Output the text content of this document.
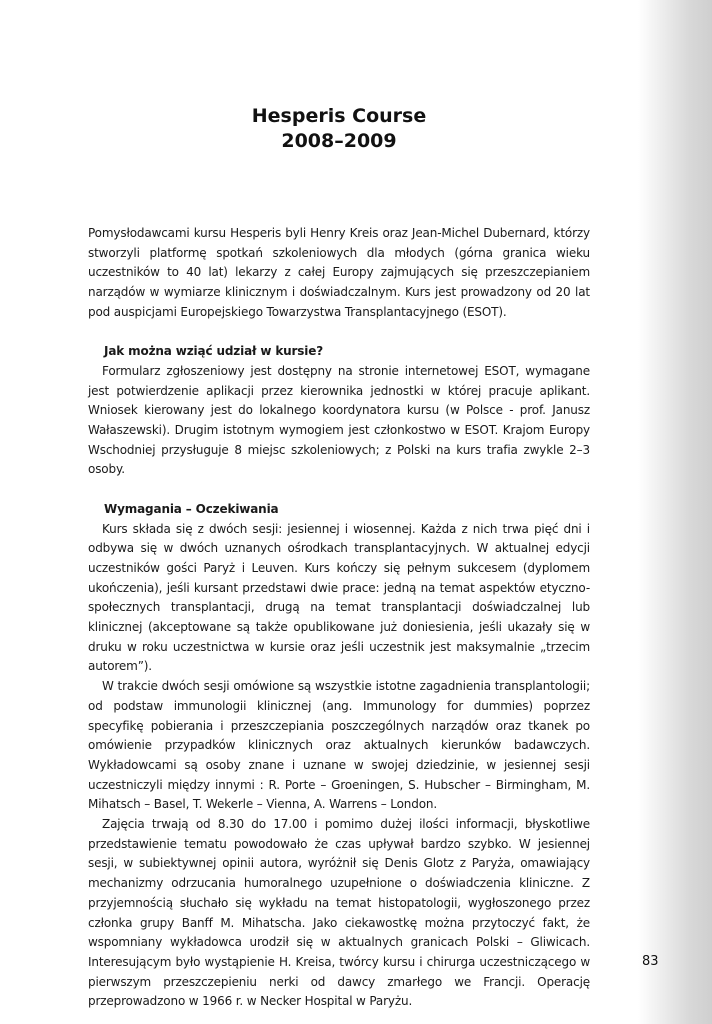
Hesperis Course
2008–2009

Pomysłodawcami kursu Hesperis byli Henry Kreis oraz Jean-Michel Dubernard, którzy stworzyli platformę spotkań szkoleniowych dla młodych (górna granica wieku uczestników to 40 lat) lekarzy z całej Europy zajmujących się przeszczepianiem narządów w wymiarze klinicznym i doświadczalnym. Kurs jest prowadzony od 20 lat pod auspicjami Europejskiego Towarzystwa Transplantacyjnego (ESOT).

Jak można wziąć udział w kursie?

Formularz zgłoszeniowy jest dostępny na stronie internetowej ESOT, wymagane jest potwierdzenie aplikacji przez kierownika jednostki w której pracuje aplikant. Wniosek kierowany jest do lokalnego koordynatora kursu (w Polsce - prof. Janusz Wałaszewski). Drugim istotnym wymogiem jest członkostwo w ESOT. Krajom Europy Wschodniej przysługuje 8 miejsc szkoleniowych; z Polski na kurs trafia zwykle 2–3 osoby.

Wymagania – Oczekiwania

Kurs składa się z dwóch sesji: jesiennej i wiosennej. Każda z nich trwa pięć dni i odbywa się w dwóch uznanych ośrodkach transplantacyjnych. W aktualnej edycji uczestników gości Paryż i Leuven. Kurs kończy się pełnym sukcesem (dyplomem ukończenia), jeśli kursant przedstawi dwie prace: jedną na temat aspektów etyczno-społecznych transplantacji, drugą na temat transplantacji doświadczalnej lub klinicznej (akceptowane są także opublikowane już doniesienia, jeśli ukazały się w druku w roku uczestnictwa w kursie oraz jeśli uczestnik jest maksymalnie „trzecim autorem”).

W trakcie dwóch sesji omówione są wszystkie istotne zagadnienia transplantologii; od podstaw immunologii klinicznej (ang. Immunology for dummies) poprzez specyfikę pobierania i przeszczepiania poszczególnych narządów oraz tkanek po omówienie przypadków klinicznych oraz aktualnych kierunków badawczych. Wykładowcami są osoby znane i uznane w swojej dziedzinie, w jesiennej sesji uczestniczyli między innymi : R. Porte – Groeningen, S. Hubscher – Birmingham, M. Mihatsch – Basel, T. Wekerle – Vienna, A. Warrens – London.

Zajęcia trwają od 8.30 do 17.00 i pomimo dużej ilości informacji, błyskotliwe przedstawienie tematu powodowało że czas upływał bardzo szybko. W jesiennej sesji, w subiektywnej opinii autora, wyróżnił się Denis Glotz z Paryża, omawiający mechanizmy odrzucania humoralnego uzupełnione o doświadczenia kliniczne. Z przyjemnością słuchało się wykładu na temat histopatologii, wygłoszonego przez członka grupy Banff M. Mihatscha. Jako ciekawostkę można przytoczyć fakt, że wspomniany wykładowca urodził się w aktualnych granicach Polski – Gliwicach. Interesującym było wystąpienie H. Kreisa, twórcy kursu i chirurga uczestniczącego w pierwszym przeszczepieniu nerki od dawcy zmarłego we Francji. Operację przeprowadzono w 1966 r. w Necker Hospital w Paryżu.

83
